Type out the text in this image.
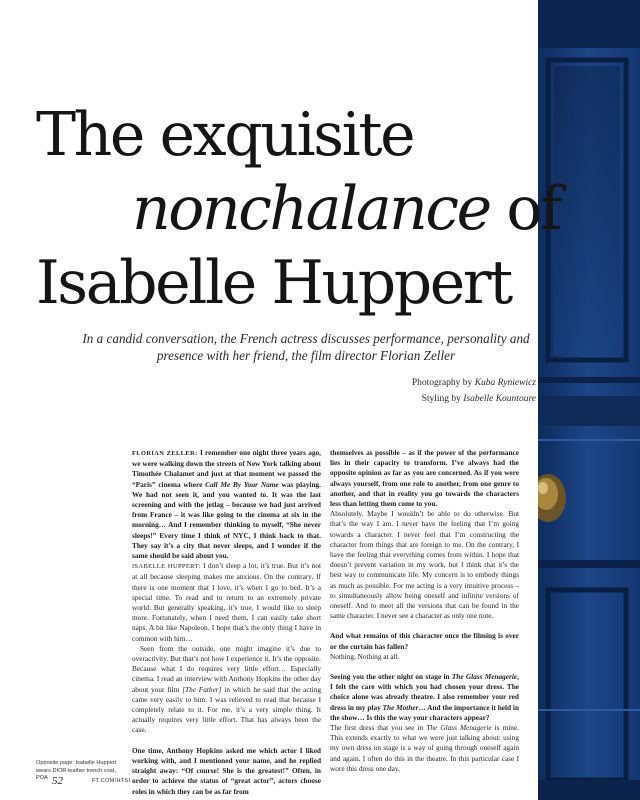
The exquisite
nonchalance of
Isabelle Huppert

In a candid conversation, the French actress discusses performance, personality and presence with her friend, the film director Florian Zeller

Photography by Kuba Ryniewicz
Styling by Isabelle Kountoure

FLORIAN ZELLER: I remember one night three years ago, we were walking down the streets of New York talking about Timothée Chalamet and just at that moment we passed the “Paris” cinema where Call Me By Your Name was playing. We had not seen it, and you wanted to. It was the last screening and with the jetlag – because we had just arrived from France – it was like going to the cinema at six in the morning… And I remember thinking to myself, “She never sleeps!” Every time I think of NYC, I think back to that. They say it’s a city that never sleeps, and I wonder if the same should be said about you.

ISABELLE HUPPERT: I don’t sleep a lot, it’s true. But it’s not at all because sleeping makes me anxious. On the contrary. If there is one moment that I love, it’s when I go to bed. It’s a special time. To read and to return to an extremely private world. But generally speaking, it’s true, I would like to sleep more. Fortunately, when I need them, I can easily take short naps. A bit like Napoleon. I hope that’s the only thing I have in common with him…

Seen from the outside, one might imagine it’s due to overactivity. But that’s not how I experience it. It’s the opposite. Because what I do requires very little effort… Especially cinema. I read an interview with Anthony Hopkins the other day about your film [The Father] in which he said that the acting came very easily to him. I was relieved to read that because I completely relate to it. For me, it’s a very simple thing. It actually requires very little effort. That has always been the case.

One time, Anthony Hopkins asked me which actor I liked working with, and I mentioned your name, and he replied straight away: “Of course! She is the greatest!” Often, in order to achieve the status of “great actor”, actors choose roles in which they can be as far from

themselves as possible – as if the power of the performance lies in their capacity to transform. I’ve always had the opposite opinion as far as you are concerned. As if you were always yourself, from one role to another, from one genre to another, and that in reality you go towards the characters less than letting them come to you.

Absolutely. Maybe I wouldn’t be able to do otherwise. But that’s the way I am. I never have the feeling that I’m going towards a character. I never feel that I’m constructing the character from things that are foreign to me. On the contrary, I have the feeling that everything comes from within. I hope that doesn’t prevent variation in my work, but I think that it’s the best way to communicate life. My concern is to embody things as much as possible. For me acting is a very intuitive process – to simultaneously allow being oneself and infinite versions of oneself. And to meet all the versions that can be found in the same character. I never see a character as only one note.

And what remains of this character once the filming is over or the curtain has fallen?

Nothing. Nothing at all.

Seeing you the other night on stage in The Glass Menagerie, I felt the care with which you had chosen your dress. The choice alone was already theatre. I also remember your red dress in my play The Mother… And the importance it held in the show… Is this the way your characters appear?

The first dress that you see in The Glass Menagerie is mine. This extends exactly to what we were just talking about: using my own dress on stage is a way of going through oneself again and again. I often do this in the theatre. In this particular case I wore this dress one day,

Opposite page: Isabelle Huppert wears DIOR leather trench coat, POA 52	FT.COM/HTSI
